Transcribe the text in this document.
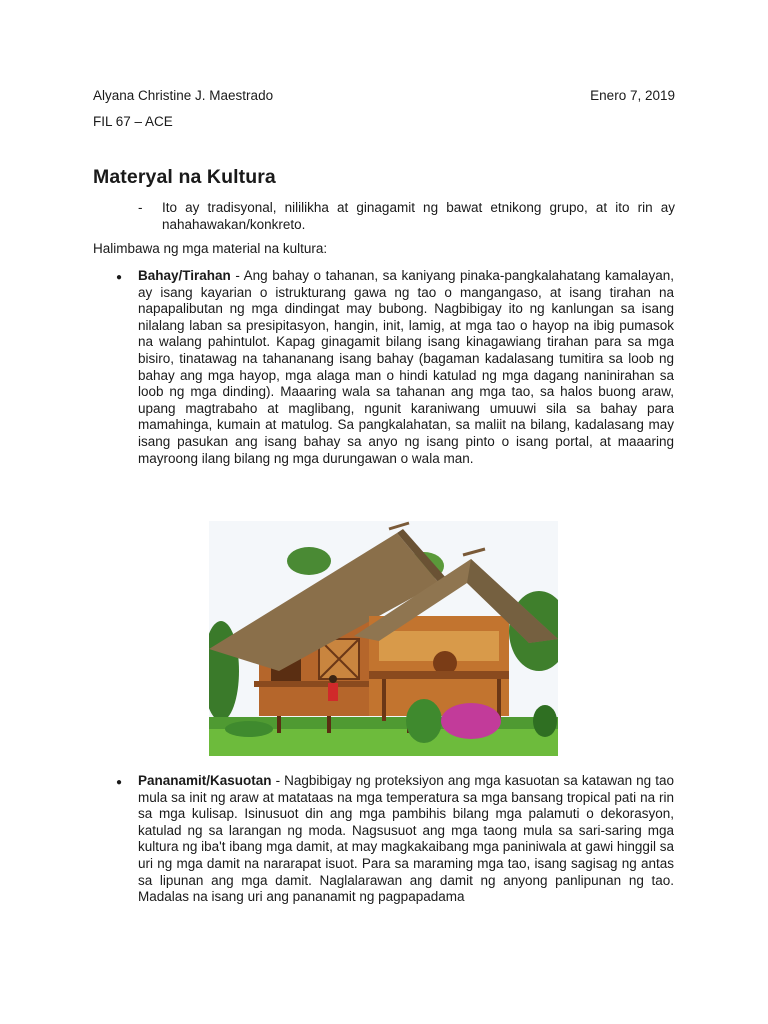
Alyana Christine J. Maestrado	Enero 7, 2019
FIL 67 – ACE
Materyal na Kultura
- Ito ay tradisyonal, nililikha at ginagamit ng bawat etnikong grupo, at ito rin ay nahahawakan/konkreto.
Halimbawa ng mga material na kultura:
● Bahay/Tirahan - Ang bahay o tahanan, sa kaniyang pinaka-pangkalahatang kamalayan, ay isang kayarian o istrukturang gawa ng tao o mangangaso, at isang tirahan na napapalibutan ng mga dindingat may bubong. Nagbibigay ito ng kanlungan sa isang nilalang laban sa presipitasyon, hangin, init, lamig, at mga tao o hayop na ibig pumasok na walang pahintulot. Kapag ginagamit bilang isang kinagawiang tirahan para sa mga bisiro, tinatawag na tahananang isang bahay (bagaman kadalasang tumitira sa loob ng bahay ang mga hayop, mga alaga man o hindi katulad ng mga dagang naninirahan sa loob ng mga dinding). Maaaring wala sa tahanan ang mga tao, sa halos buong araw, upang magtrabaho at maglibang, ngunit karaniwang umuuwi sila sa bahay para mamahinga, kumain at matulog. Sa pangkalahatan, sa maliit na bilang, kadalasang may isang pasukan ang isang bahay sa anyo ng isang pinto o isang portal, at maaaring mayroong ilang bilang ng mga durungawan o wala man.
● Pananamit/Kasuotan - Nagbibigay ng proteksiyon ang mga kasuotan sa katawan ng tao mula sa init ng araw at matataas na mga temperatura sa mga bansang tropical pati na rin sa mga kulisap. Isinusuot din ang mga pambihis bilang mga palamuti o dekorasyon, katulad ng sa larangan ng moda. Nagsusuot ang mga taong mula sa sari-saring mga kultura ng iba't ibang mga damit, at may magkakaibang mga paniniwala at gawi hinggil sa uri ng mga damit na nararapat isuot. Para sa maraming mga tao, isang sagisag ng antas sa lipunan ang mga damit. Naglalarawan ang damit ng anyong panlipunan ng tao. Madalas na isang uri ang pananamit ng pagpapadama
